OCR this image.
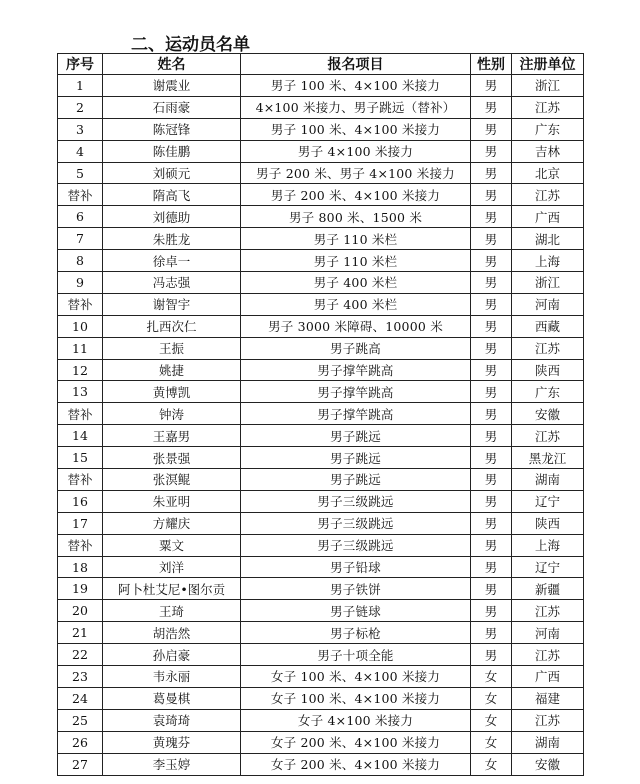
二、运动员名单
序号	姓名	报名项目	性别	注册单位
1	谢震业	男子 100 米、4×100 米接力	男	浙江
2	石雨豪	4×100 米接力、男子跳远（替补）	男	江苏
3	陈冠锋	男子 100 米、4×100 米接力	男	广东
4	陈佳鹏	男子 4×100 米接力	男	吉林
5	刘硕元	男子 200 米、男子 4×100 米接力	男	北京
替补	隋高飞	男子 200 米、4×100 米接力	男	江苏
6	刘德助	男子 800 米、1500 米	男	广西
7	朱胜龙	男子 110 米栏	男	湖北
8	徐卓一	男子 110 米栏	男	上海
9	冯志强	男子 400 米栏	男	浙江
替补	谢智宇	男子 400 米栏	男	河南
10	扎西次仁	男子 3000 米障碍、10000 米	男	西藏
11	王振	男子跳高	男	江苏
12	姚捷	男子撑竿跳高	男	陕西
13	黄博凯	男子撑竿跳高	男	广东
替补	钟涛	男子撑竿跳高	男	安徽
14	王嘉男	男子跳远	男	江苏
15	张景强	男子跳远	男	黑龙江
替补	张溟鲲	男子跳远	男	湖南
16	朱亚明	男子三级跳远	男	辽宁
17	方耀庆	男子三级跳远	男	陕西
替补	粟文	男子三级跳远	男	上海
18	刘洋	男子铅球	男	辽宁
19	阿卜杜艾尼•图尔贡	男子铁饼	男	新疆
20	王琦	男子链球	男	江苏
21	胡浩然	男子标枪	男	河南
22	孙启豪	男子十项全能	男	江苏
23	韦永丽	女子 100 米、4×100 米接力	女	广西
24	葛曼棋	女子 100 米、4×100 米接力	女	福建
25	袁琦琦	女子 4×100 米接力	女	江苏
26	黄瑰芬	女子 200 米、4×100 米接力	女	湖南
27	李玉婷	女子 200 米、4×100 米接力	女	安徽
